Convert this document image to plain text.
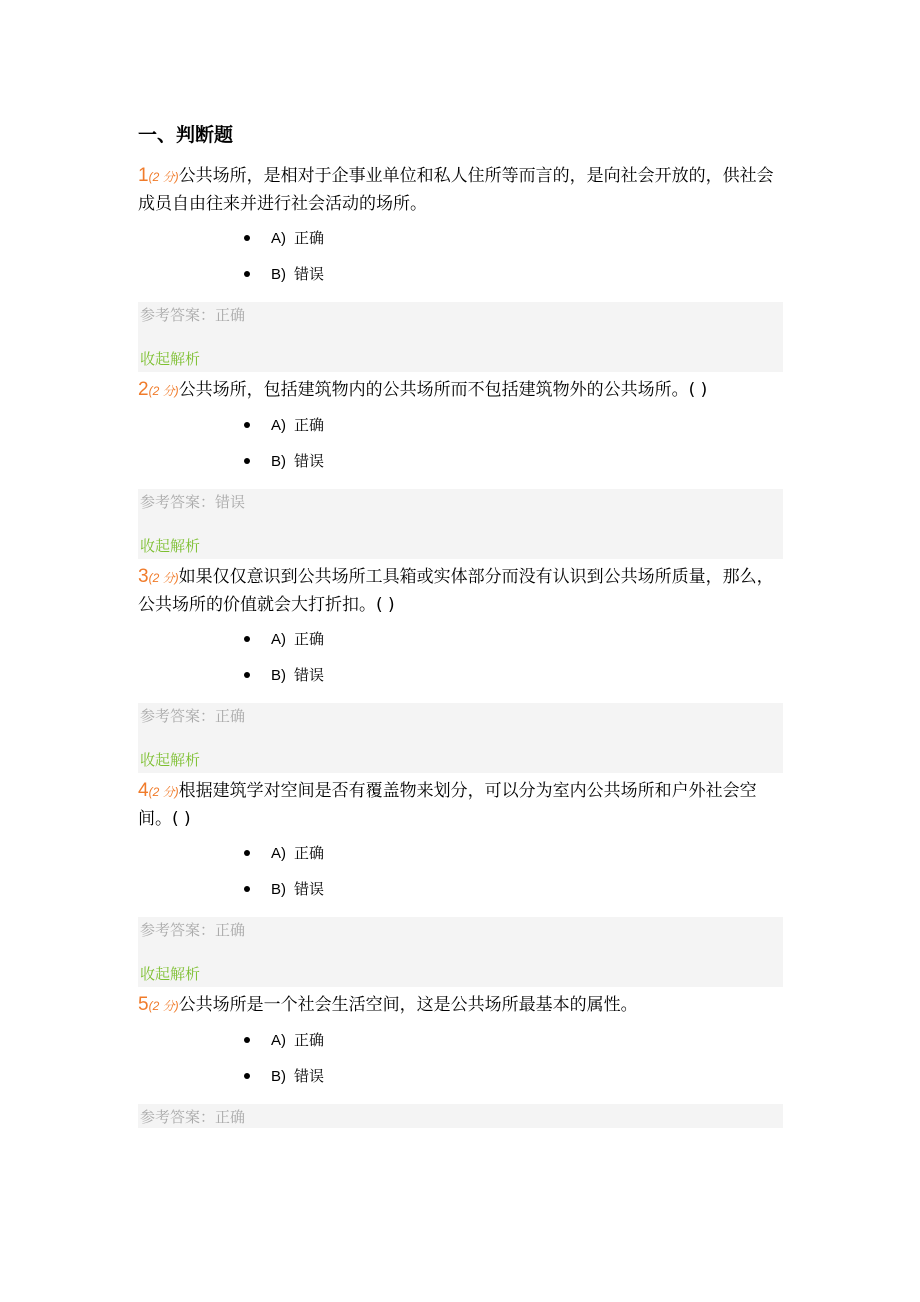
一、判断题

1(2 分)公共场所，是相对于企事业单位和私人住所等而言的，是向社会开放的，供社会成员自由往来并进行社会活动的场所。

A) 正确
B) 错误
参考答案：正确
收起解析

2(2 分)公共场所，包括建筑物内的公共场所而不包括建筑物外的公共场所。( )

A) 正确
B) 错误
参考答案：错误
收起解析

3(2 分)如果仅仅意识到公共场所工具箱或实体部分而没有认识到公共场所质量，那么，公共场所的价值就会大打折扣。( )

A) 正确
B) 错误
参考答案：正确
收起解析

4(2 分)根据建筑学对空间是否有覆盖物来划分，可以分为室内公共场所和户外社会空间。( )

A) 正确
B) 错误
参考答案：正确
收起解析

5(2 分)公共场所是一个社会生活空间，这是公共场所最基本的属性。

A) 正确
B) 错误
参考答案：正确
